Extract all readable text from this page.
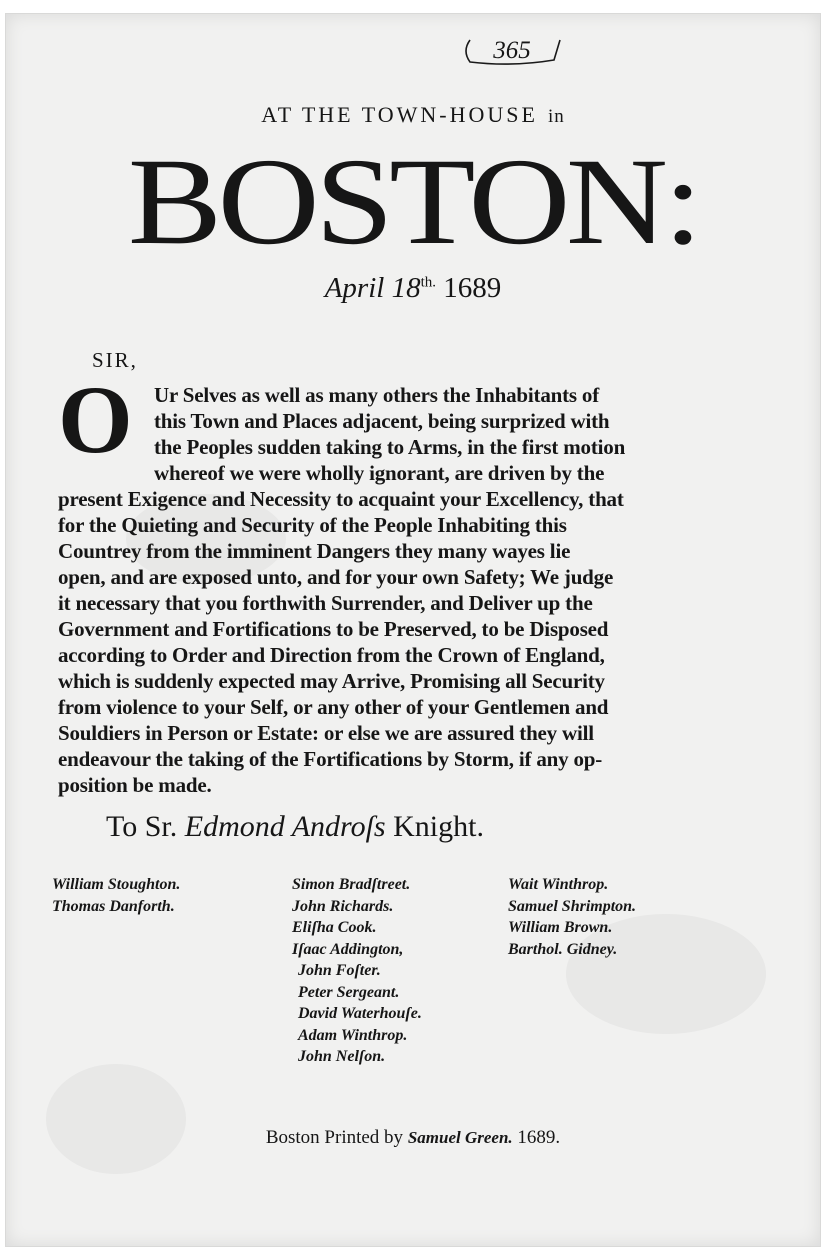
365
AT THE TOWN-HOUSE in
BOSTON:
April $18^{th.}$ 1689
SIR,
O Ur Selves as well as many others the Inhabitants of
this Town and Places adjacent, being surprized with
the Peoples sudden taking to Arms, in the first motion
whereof we were wholly ignorant, are driven by the
present Exigence and Necessity to acquaint your Excellency, that
for the Quieting and Security of the People Inhabiting this
Countrey from the imminent Dangers they many wayes lie
open, and are exposed unto, and for your own Safety; We judge
it necessary that you forthwith Surrender, and Deliver up the
Government and Fortifications to be Preserved, to be Disposed
according to Order and Direction from the Crown of England,
which is suddenly expected may Arrive, Promising all Security
from violence to your Self, or any other of your Gentlemen and
Souldiers in Person or Estate: or else we are assured they will
endeavour the taking of the Fortifications by Storm, if any op-
position be made.
To Sr. Edmond Androſs Knight.
William Stoughton.
Thomas Danforth.
Simon Bradſtreet.
John Richards.
Eliſha Cook.
Iſaac Addington,
John Foſter.
Peter Sergeant.
David Waterhouſe.
Adam Winthrop.
John Nelſon.
Wait Winthrop.
Samuel Shrimpton.
William Brown.
Barthol. Gidney.
Boston Printed by Samuel Green. 1689.
